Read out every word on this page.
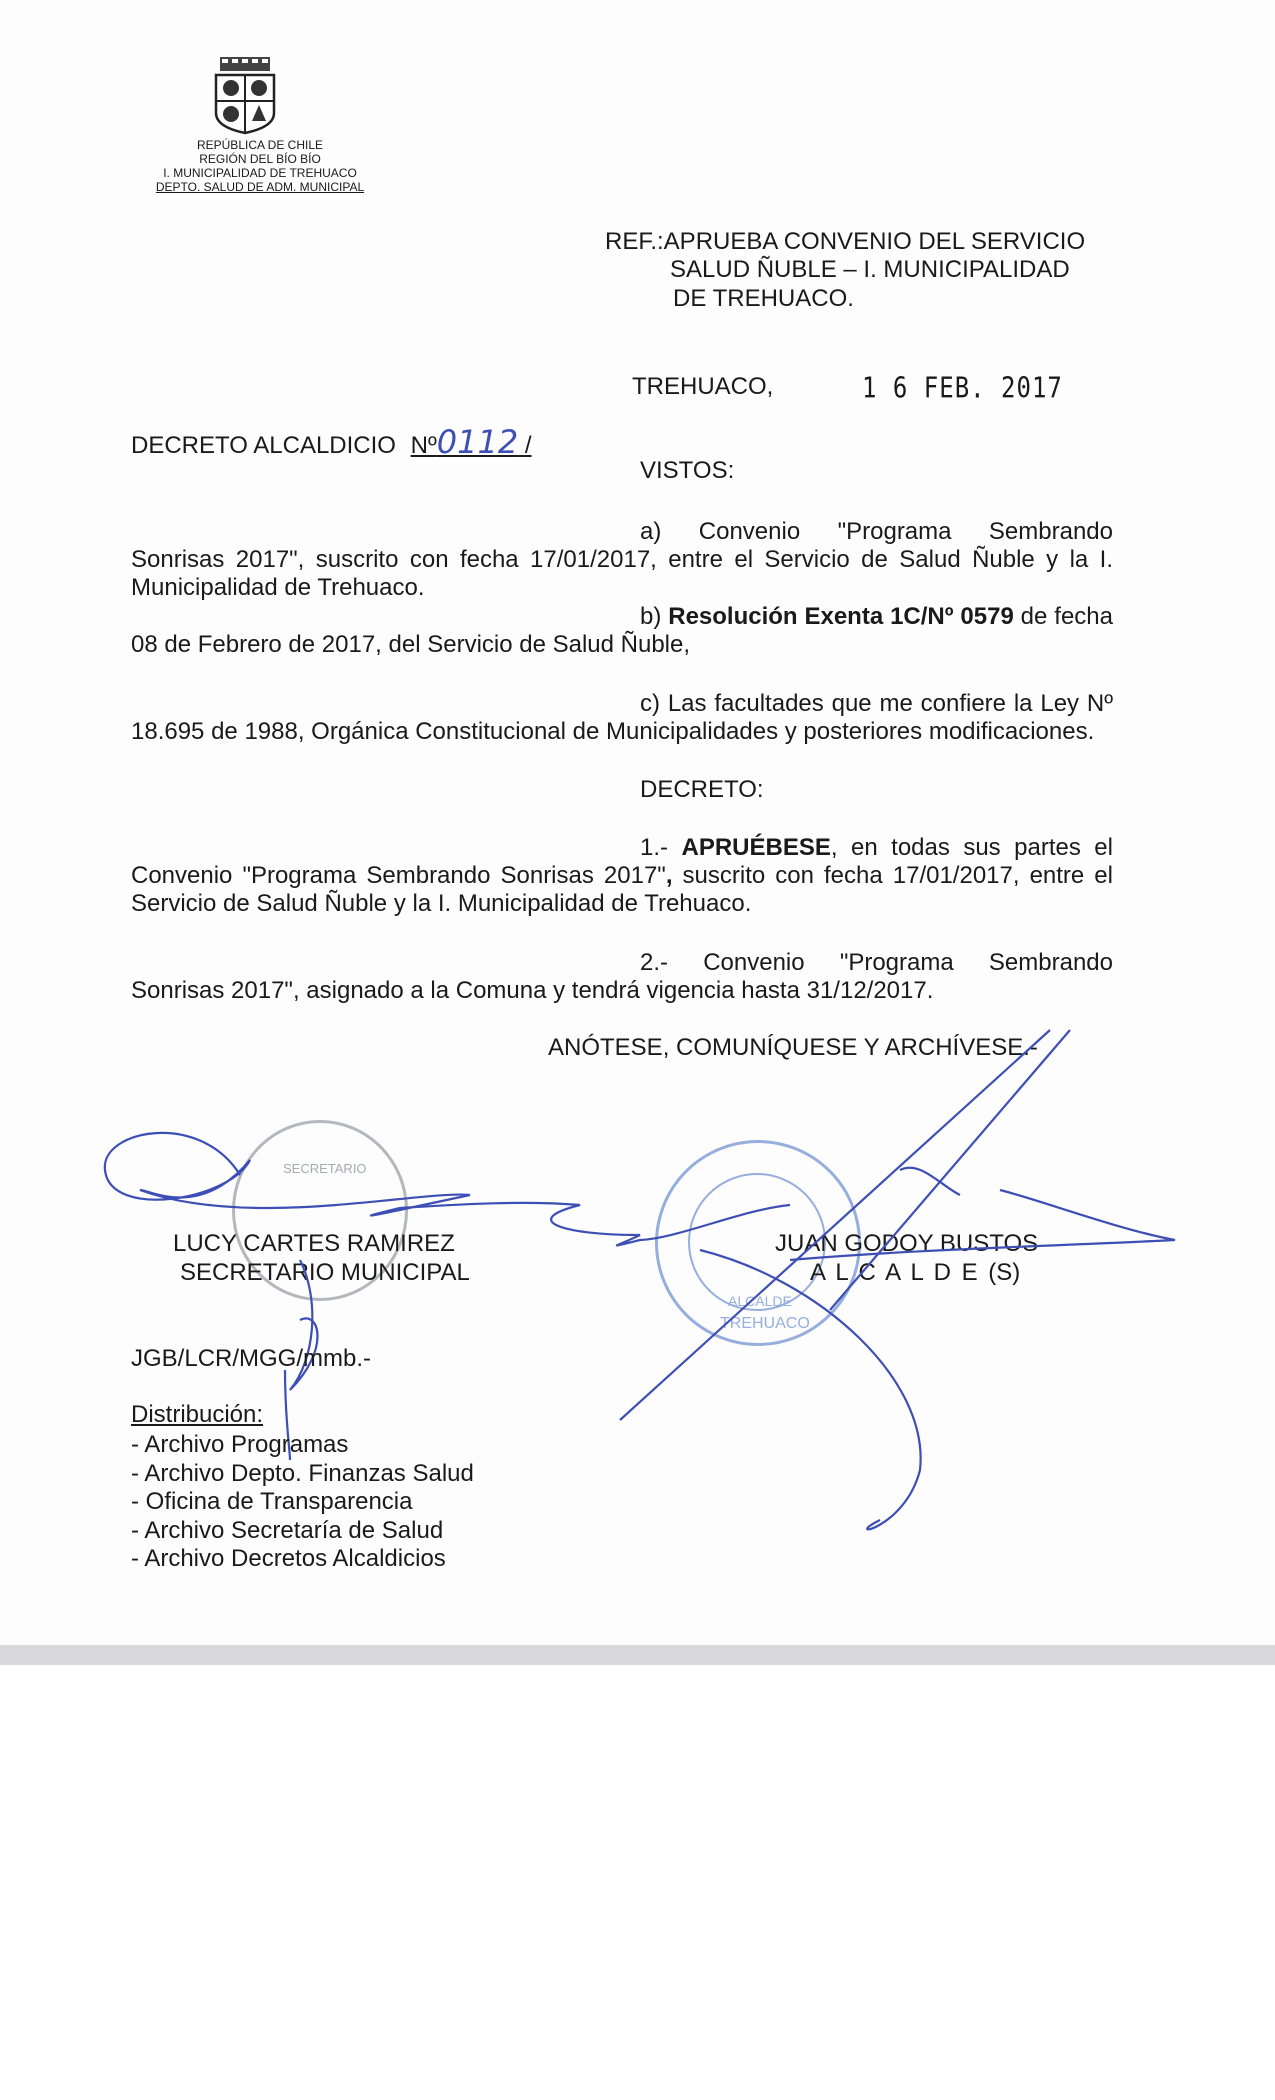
REPÚBLICA DE CHILE
REGIÓN DEL BÍO BÍO
I. MUNICIPALIDAD DE TREHUACO
DEPTO. SALUD DE ADM. MUNICIPAL
REF.:APRUEBA CONVENIO DEL SERVICIO
SALUD ÑUBLE – I. MUNICIPALIDAD
DE TREHUACO.
TREHUACO,	1 6 FEB. 2017
DECRETO ALCALDICIO Nº0112 /
VISTOS:
a) Convenio "Programa Sembrando Sonrisas 2017", suscrito con fecha 17/01/2017, entre el Servicio de Salud Ñuble y la I. Municipalidad de Trehuaco.
b) Resolución Exenta 1C/Nº 0579 de fecha 08 de Febrero de 2017, del Servicio de Salud Ñuble,
c) Las facultades que me confiere la Ley Nº 18.695 de 1988, Orgánica Constitucional de Municipalidades y posteriores modificaciones.
DECRETO:
1.- APRUÉBESE, en todas sus partes el Convenio "Programa Sembrando Sonrisas 2017", suscrito con fecha 17/01/2017, entre el Servicio de Salud Ñuble y la I. Municipalidad de Trehuaco.
2.- Convenio "Programa Sembrando Sonrisas 2017", asignado a la Comuna y tendrá vigencia hasta 31/12/2017.
ANÓTESE, COMUNÍQUESE Y ARCHÍVESE.-
SECRETARIO
ALCALDE
TREHUACO
LUCY CARTES RAMIREZ
SECRETARIO MUNICIPAL
JUAN GODOY BUSTOS
A L C A L D E (S)
JGB/LCR/MGG/mmb.-
Distribución:
- Archivo Programas
- Archivo Depto. Finanzas Salud
- Oficina de Transparencia
- Archivo Secretaría de Salud
- Archivo Decretos Alcaldicios
